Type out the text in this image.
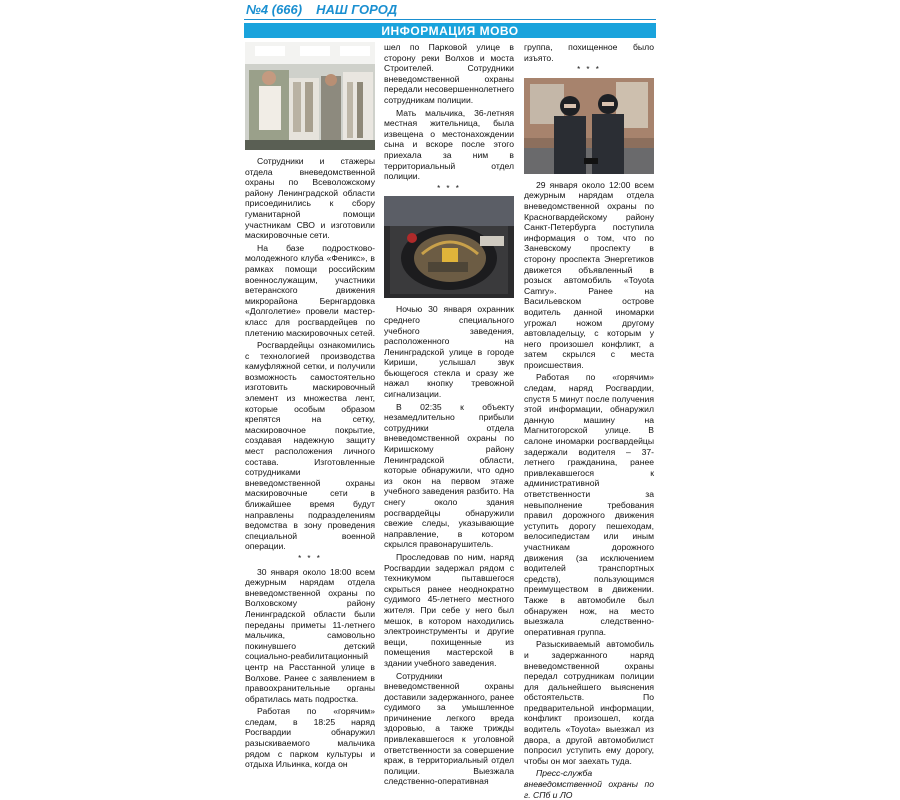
№4 (666) НАШ ГОРОД
ИНФОРМАЦИЯ МОВО

Сотрудники и стажеры отдела вневедомственной охраны по Всеволожскому району Ленинградской области присоединились к сбору гуманитарной помощи участникам СВО и изготовили маскировочные сети.

На базе подростково-молодежного клуба «Феникс», в рамках помощи российским военнослужащим, участники ветеранского движения микрорайона Бернгардовка «Долголетие» провели мастер-класс для росгвардейцев по плетению маскировочных сетей.

Росгвардейцы ознакомились с технологией производства камуфляжной сетки, и получили возможность самостоятельно изготовить маскировочный элемент из множества лент, которые особым образом крепятся на сетку, маскировочное покрытие, создавая надежную защиту мест расположения личного состава. Изготовленные сотрудниками вневедомственной охраны маскировочные сети в ближайшее время будут направлены подразделениям ведомства в зону проведения специальной военной операции.

* * *

30 января около 18:00 всем дежурным нарядам отдела вневедомственной охраны по Волховскому району Ленинградской области были переданы приметы 11-летнего мальчика, самовольно покинувшего детский социально-реабилитационный центр на Расстанной улице в Волхове. Ранее с заявлением в правоохранительные органы обратилась мать подростка.

Работая по «горячим» следам, в 18:25 наряд Росгвардии обнаружил разыскиваемого мальчика рядом с парком культуры и отдыха Ильинка, когда он

шел по Парковой улице в сторону реки Волхов и моста Строителей. Сотрудники вневедомственной охраны передали несовершеннолетнего сотрудникам полиции.

Мать мальчика, 36-летняя местная жительница, была извещена о местонахождении сына и вскоре после этого приехала за ним в территориальный отдел полиции.

* * *

Ночью 30 января охранник среднего специального учебного заведения, расположенного на Ленинградской улице в городе Кириши, услышал звук бьющегося стекла и сразу же нажал кнопку тревожной сигнализации.

В 02:35 к объекту незамедлительно прибыли сотрудники отдела вневедомственной охраны по Киришскому району Ленинградской области, которые обнаружили, что одно из окон на первом этаже учебного заведения разбито. На снегу около здания росгвардейцы обнаружили свежие следы, указывающие направление, в котором скрылся правонарушитель.

Проследовав по ним, наряд Росгвардии задержал рядом с техникумом пытавшегося скрыться ранее неоднократно судимого 45-летнего местного жителя. При себе у него был мешок, в котором находились электроинструменты и другие вещи, похищенные из помещения мастерской в здании учебного заведения.

Сотрудники вневедомственной охраны доставили задержанного, ранее судимого за умышленное причинение легкого вреда здоровью, а также трижды привлекавшегося к уголовной ответственности за совершение краж, в территориальный отдел полиции. Выезжала следственно-оперативная

группа, похищенное было изъято.

* * *

29 января около 12:00 всем дежурным нарядам отдела вневедомственной охраны по Красногвардейскому району Санкт-Петербурга поступила информация о том, что по Заневскому проспекту в сторону проспекта Энергетиков движется объявленный в розыск автомобиль «Toyota Camry». Ранее на Васильевском острове водитель данной иномарки угрожал ножом другому автовладельцу, с которым у него произошел конфликт, а затем скрылся с места происшествия.

Работая по «горячим» следам, наряд Росгвардии, спустя 5 минут после получения этой информации, обнаружил данную машину на Магнитогорской улице. В салоне иномарки росгвардейцы задержали водителя – 37-летнего гражданина, ранее привлекавшегося к административной ответственности за невыполнение требования правил дорожного движения уступить дорогу пешеходам, велосипедистам или иным участникам дорожного движения (за исключением водителей транспортных средств), пользующимся преимуществом в движении. Также в автомобиле был обнаружен нож, на место выезжала следственно-оперативная группа.

Разыскиваемый автомобиль и задержанного наряд вневедомственной охраны передал сотрудникам полиции для дальнейшего выяснения обстоятельств. По предварительной информации, конфликт произошел, когда водитель «Toyota» выезжал из двора, а другой автомобилист попросил уступить ему дорогу, чтобы он мог заехать туда.

Пресс-служба вневедомственной охраны по г. СПб и ЛО
